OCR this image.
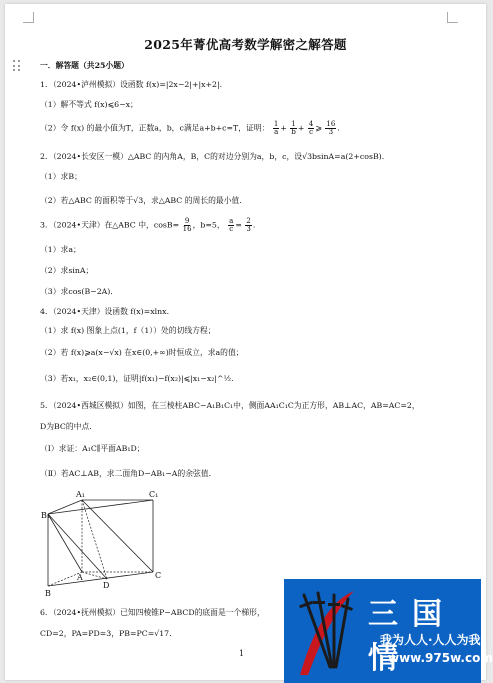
2025年菁优高考数学解密之解答题
一．解答题（共25小题）
1．（2024•泸州模拟）设函数 f(x)=|2x−2|+|x+2|．
（1）解不等式 f(x)⩽6−x；
（2）令 f(x) 的最小值为T，正数a，b，c满足a+b+c=T，证明： $\frac{1}{a} + \frac{1}{b} + \frac{4}{c}$ ⩾ $\frac{16}{3}$ .
2．（2024•长安区一模）△ABC 的内角A，B，C的对边分别为a，b，c，设√3bsinA=a(2+cosB)．
（1）求B；
（2）若△ABC 的面积等于√3，求△ABC 的周长的最小值．
3．（2024•天津）在△ABC 中，$\cos B= \frac{9}{16}$ ，b=5， $\frac{a}{c} = \frac{2}{3}$ .
（1）求a；
（2）求sinA；
（3）求cos(B−2A)．
4．（2024•天津）设函数 f(x)=xlnx．
（1）求 f(x) 图象上点(1，f（1））处的切线方程；
（2）若 f(x)⩾a(x−√x) 在x∈(0,+∞)时恒成立，求a的值；
（3）若x₁，x₂∈(0,1)，证明|f(x₁)−f(x₂)|⩽|x₁−x₂|^½．
5．（2024•西城区模拟）如图，在三棱柱ABC−A₁B₁C₁中，侧面AA₁C₁C为正方形，AB⊥AC，AB=AC=2，
D为BC的中点．
（Ⅰ）求证：A₁C∥平面AB₁D；
（Ⅱ）若AC⊥AB，求二面角D−AB₁−A的余弦值．
A₁	C₁
B₁
A
B
C
D
6．（2024•抚州模拟）已知四棱锥P−ABCD的底面是一个梯形，
CD=2，PA=PD=3，PB=PC=√17．
1
三国情
我为人人·人人为我
www.975w.com
